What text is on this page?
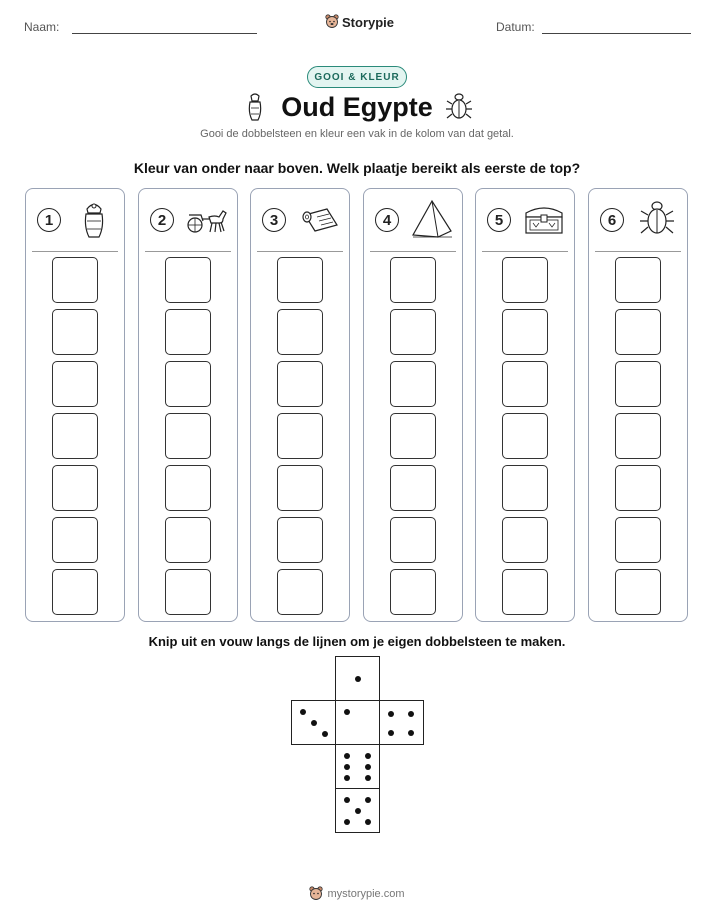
Naam:	Storypie	Datum:
GOOI & KLEUR
Oud Egypte
Gooi de dobbelsteen en kleur een vak in de kolom van dat getal.
Kleur van onder naar boven. Welk plaatje bereikt als eerste de top?
1	2	3	4	5	6
Knip uit en vouw langs de lijnen om je eigen dobbelsteen te maken.
mystorypie.com
